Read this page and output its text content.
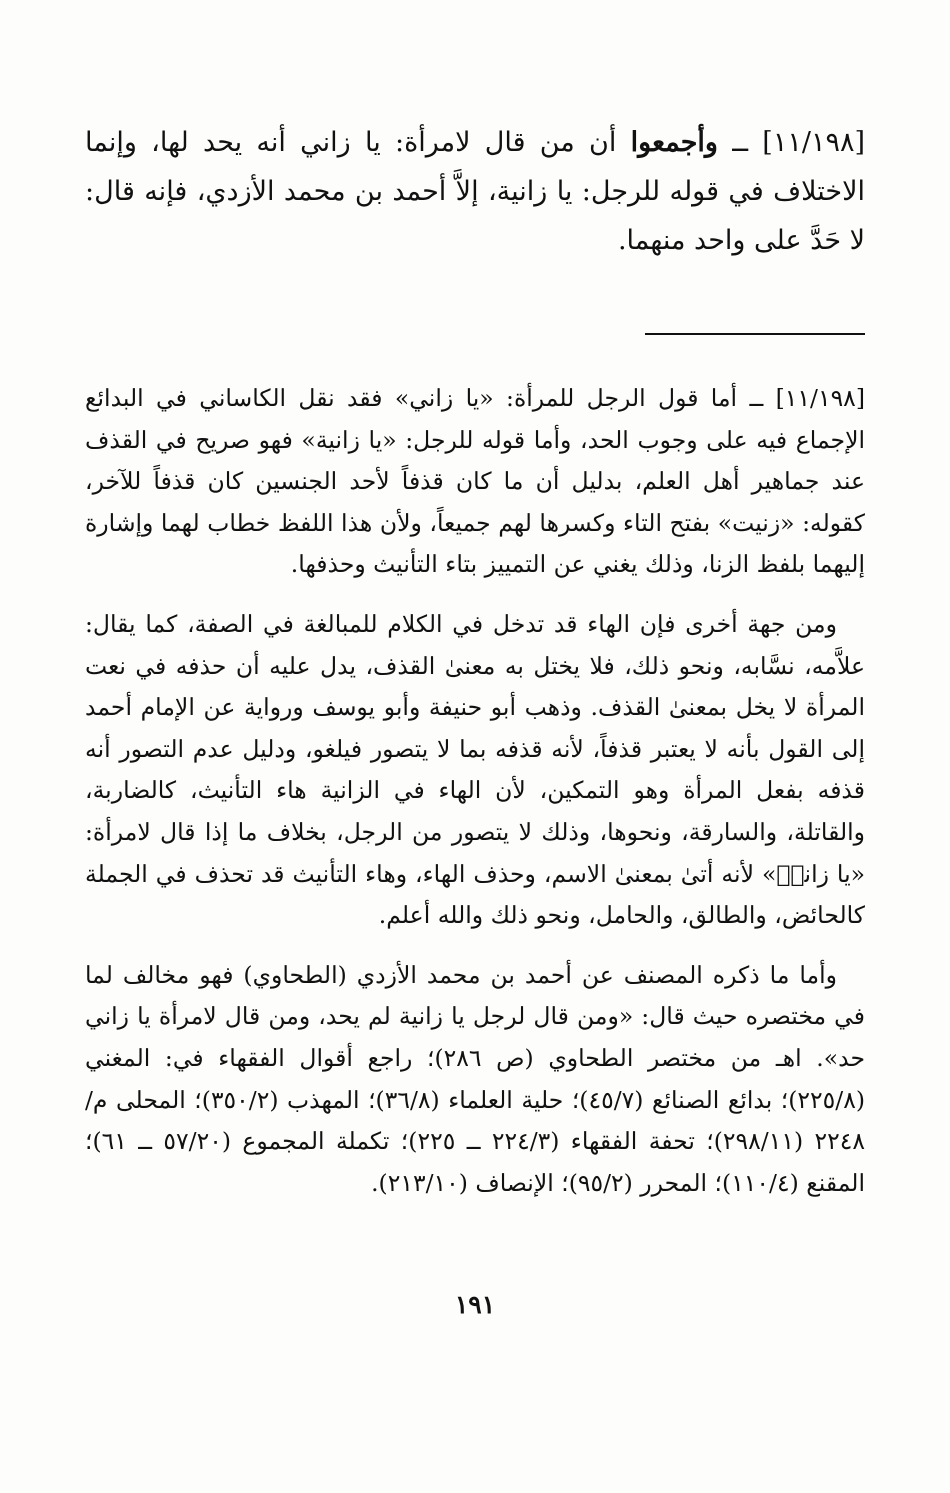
[١١/١٩٨] ــ وأجمعوا أن من قال لامرأة: يا زاني أنه يحد لها، وإنما الاختلاف في قوله للرجل: يا زانية، إلاَّ أحمد بن محمد الأزدي، فإنه قال: لا حَدَّ على واحد منهما.

[١١/١٩٨] ــ أما قول الرجل للمرأة: «يا زاني» فقد نقل الكاساني في البدائع الإجماع فيه على وجوب الحد، وأما قوله للرجل: «يا زانية» فهو صريح في القذف عند جماهير أهل العلم، بدليل أن ما كان قذفاً لأحد الجنسين كان قذفاً للآخر، كقوله: «زنيت» بفتح التاء وكسرها لهم جميعاً، ولأن هذا اللفظ خطاب لهما وإشارة إليهما بلفظ الزنا، وذلك يغني عن التمييز بتاء التأنيث وحذفها.

ومن جهة أخرى فإن الهاء قد تدخل في الكلام للمبالغة في الصفة، كما يقال: علاَّمه، نسَّابه، ونحو ذلك، فلا يختل به معنىٰ القذف، يدل عليه أن حذفه في نعت المرأة لا يخل بمعنىٰ القذف. وذهب أبو حنيفة وأبو يوسف ورواية عن الإمام أحمد إلى القول بأنه لا يعتبر قذفاً، لأنه قذفه بما لا يتصور فيلغو، ودليل عدم التصور أنه قذفه بفعل المرأة وهو التمكين، لأن الهاء في الزانية هاء التأنيث، كالضاربة، والقاتلة، والسارقة، ونحوها، وذلك لا يتصور من الرجل، بخلاف ما إذا قال لامرأة: «يا زانيٖ» لأنه أتىٰ بمعنىٰ الاسم، وحذف الهاء، وهاء التأنيث قد تحذف في الجملة كالحائض، والطالق، والحامل، ونحو ذلك والله أعلم.

وأما ما ذكره المصنف عن أحمد بن محمد الأزدي (الطحاوي) فهو مخالف لما في مختصره حيث قال: «ومن قال لرجل يا زانية لم يحد، ومن قال لامرأة يا زاني حد». اهـ من مختصر الطحاوي (ص ٢٨٦)؛ راجع أقوال الفقهاء في: المغني (٢٢٥/٨)؛ بدائع الصنائع (٤٥/٧)؛ حلية العلماء (٣٦/٨)؛ المهذب (٣٥٠/٢)؛ المحلى م/٢٢٤٨ (٢٩٨/١١)؛ تحفة الفقهاء (٢٢٤/٣ ــ ٢٢٥)؛ تكملة المجموع (٥٧/٢٠ ــ ٦١)؛ المقنع (١١٠/٤)؛ المحرر (٩٥/٢)؛ الإنصاف (٢١٣/١٠).

١٩١
